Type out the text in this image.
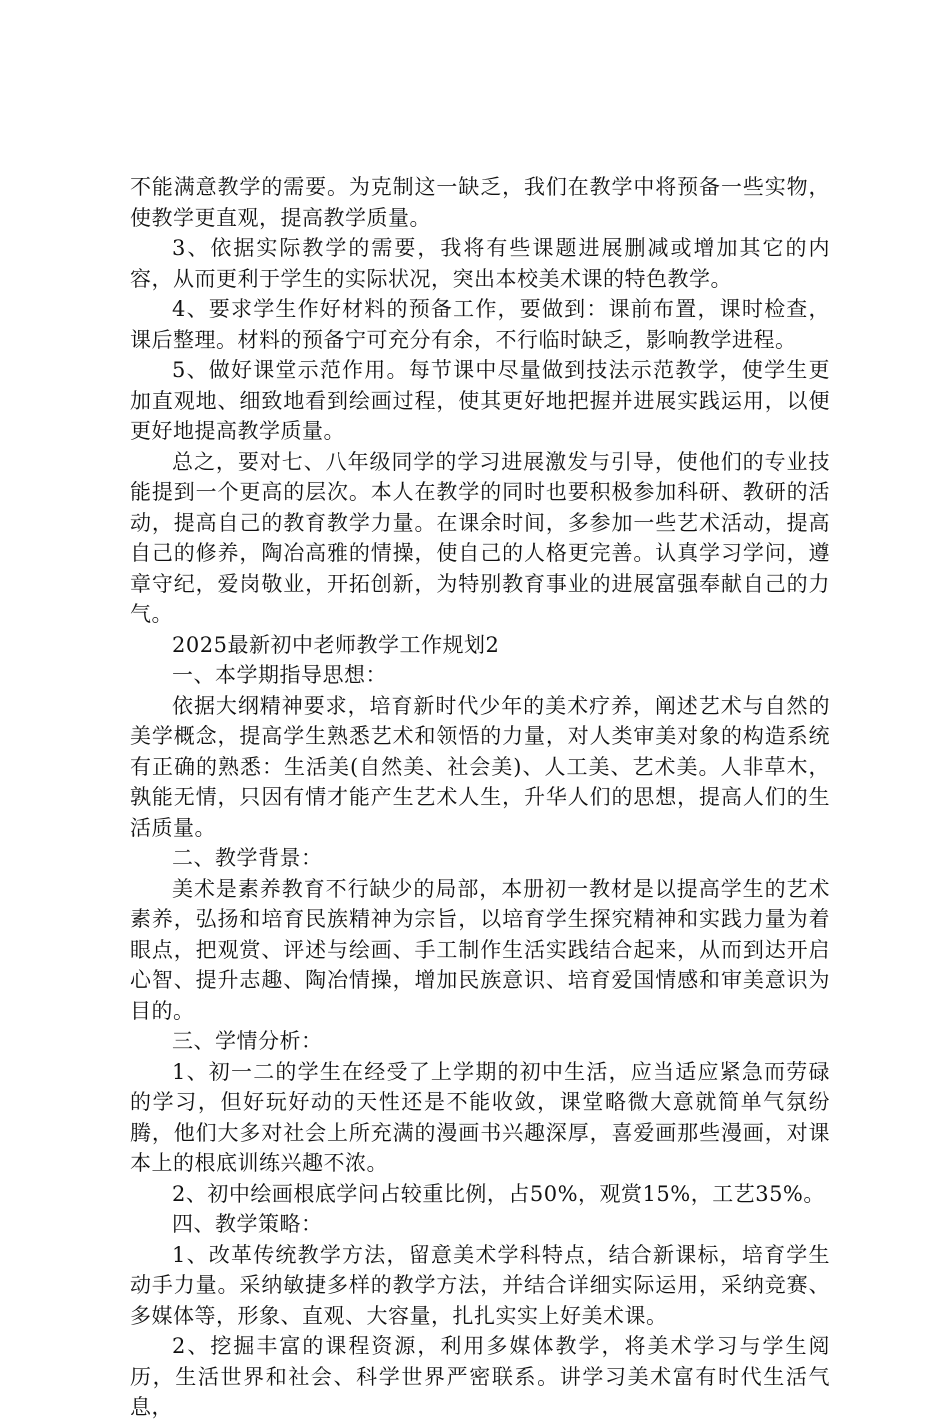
不能满意教学的需要。为克制这一缺乏，我们在教学中将预备一些实物，使教学更直观，提高教学质量。

3、依据实际教学的需要，我将有些课题进展删减或增加其它的内容，从而更利于学生的实际状况，突出本校美术课的特色教学。

4、要求学生作好材料的预备工作，要做到：课前布置，课时检查，课后整理。材料的预备宁可充分有余，不行临时缺乏，影响教学进程。

5、做好课堂示范作用。每节课中尽量做到技法示范教学，使学生更加直观地、细致地看到绘画过程，使其更好地把握并进展实践运用，以便更好地提高教学质量。

总之，要对七、八年级同学的学习进展激发与引导，使他们的专业技能提到一个更高的层次。本人在教学的同时也要积极参加科研、教研的活动，提高自己的教育教学力量。在课余时间，多参加一些艺术活动，提高自己的修养，陶冶高雅的情操，使自己的人格更完善。认真学习学问，遵章守纪，爱岗敬业，开拓创新，为特别教育事业的进展富强奉献自己的力气。

2025最新初中老师教学工作规划2

一、本学期指导思想：

依据大纲精神要求，培育新时代少年的美术疗养，阐述艺术与自然的美学概念，提高学生熟悉艺术和领悟的力量，对人类审美对象的构造系统有正确的熟悉：生活美(自然美、社会美)、人工美、艺术美。人非草木，孰能无情，只因有情才能产生艺术人生，升华人们的思想，提高人们的生活质量。

二、教学背景：

美术是素养教育不行缺少的局部，本册初一教材是以提高学生的艺术素养，弘扬和培育民族精神为宗旨，以培育学生探究精神和实践力量为着眼点，把观赏、评述与绘画、手工制作生活实践结合起来，从而到达开启心智、提升志趣、陶冶情操，增加民族意识、培育爱国情感和审美意识为目的。

三、学情分析：

1、初一二的学生在经受了上学期的初中生活，应当适应紧急而劳碌的学习，但好玩好动的天性还是不能收敛，课堂略微大意就简单气氛纷腾，他们大多对社会上所充满的漫画书兴趣深厚，喜爱画那些漫画，对课本上的根底训练兴趣不浓。

2、初中绘画根底学问占较重比例，占50%，观赏15%，工艺35%。

四、教学策略：

1、改革传统教学方法，留意美术学科特点，结合新课标，培育学生动手力量。采纳敏捷多样的教学方法，并结合详细实际运用，采纳竞赛、多媒体等，形象、直观、大容量，扎扎实实上好美术课。

2、挖掘丰富的课程资源，利用多媒体教学，将美术学习与学生阅历，生活世界和社会、科学世界严密联系。讲学习美术富有时代生活气息，
